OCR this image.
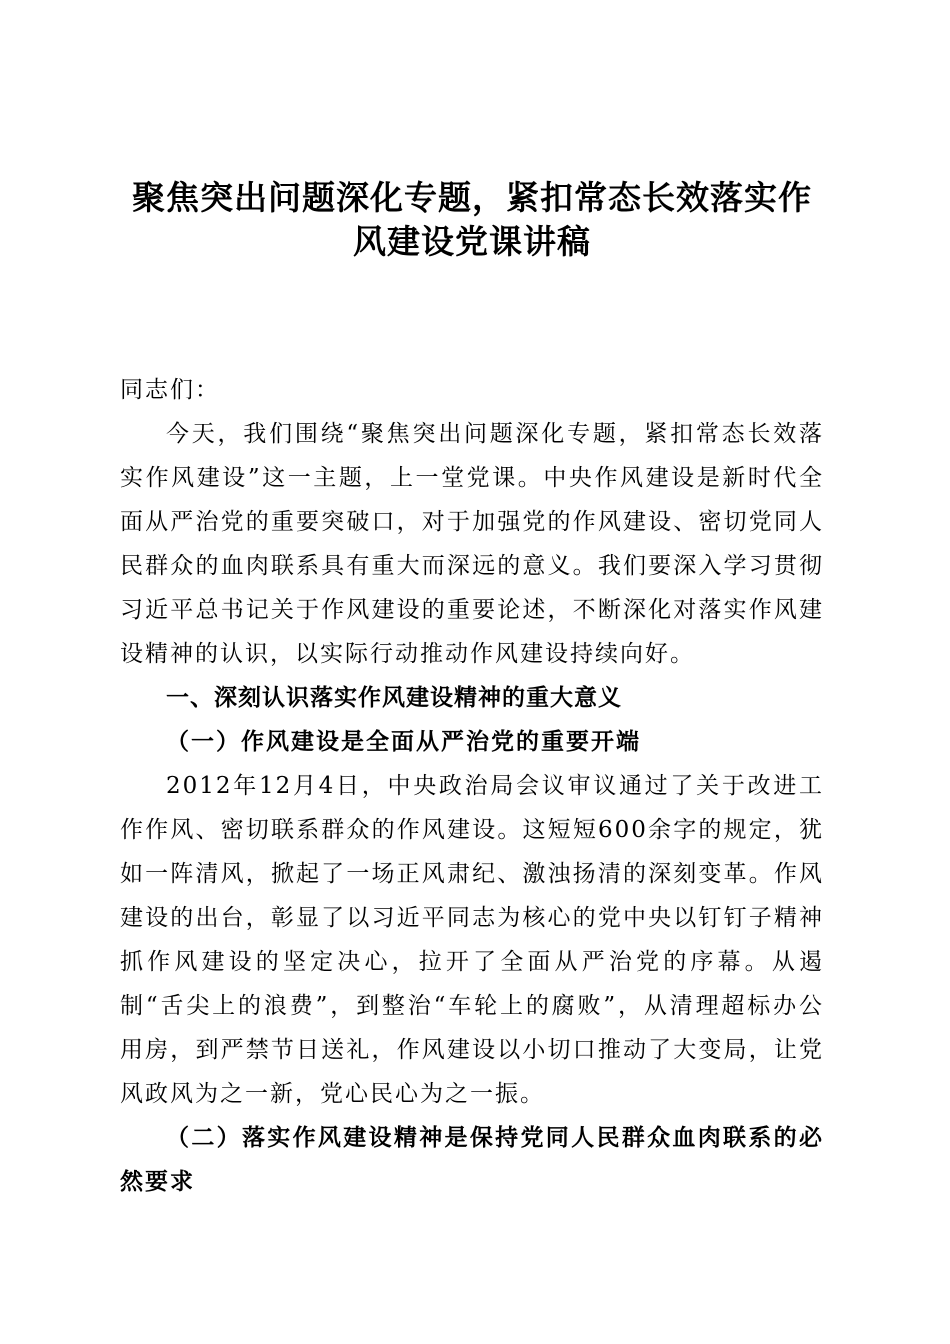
聚焦突出问题深化专题，紧扣常态长效落实作风建设党课讲稿

同志们：

今天，我们围绕“聚焦突出问题深化专题，紧扣常态长效落实作风建设”这一主题，上一堂党课。中央作风建设是新时代全面从严治党的重要突破口，对于加强党的作风建设、密切党同人民群众的血肉联系具有重大而深远的意义。我们要深入学习贯彻习近平总书记关于作风建设的重要论述，不断深化对落实作风建设精神的认识，以实际行动推动作风建设持续向好。

一、深刻认识落实作风建设精神的重大意义

（一）作风建设是全面从严治党的重要开端

2012年12月4日，中央政治局会议审议通过了关于改进工作作风、密切联系群众的作风建设。这短短600余字的规定，犹如一阵清风，掀起了一场正风肃纪、激浊扬清的深刻变革。作风建设的出台，彰显了以习近平同志为核心的党中央以钉钉子精神抓作风建设的坚定决心，拉开了全面从严治党的序幕。从遏制“舌尖上的浪费”，到整治“车轮上的腐败”，从清理超标办公用房，到严禁节日送礼，作风建设以小切口推动了大变局，让党风政风为之一新，党心民心为之一振。

（二）落实作风建设精神是保持党同人民群众血肉联系的必然要求
